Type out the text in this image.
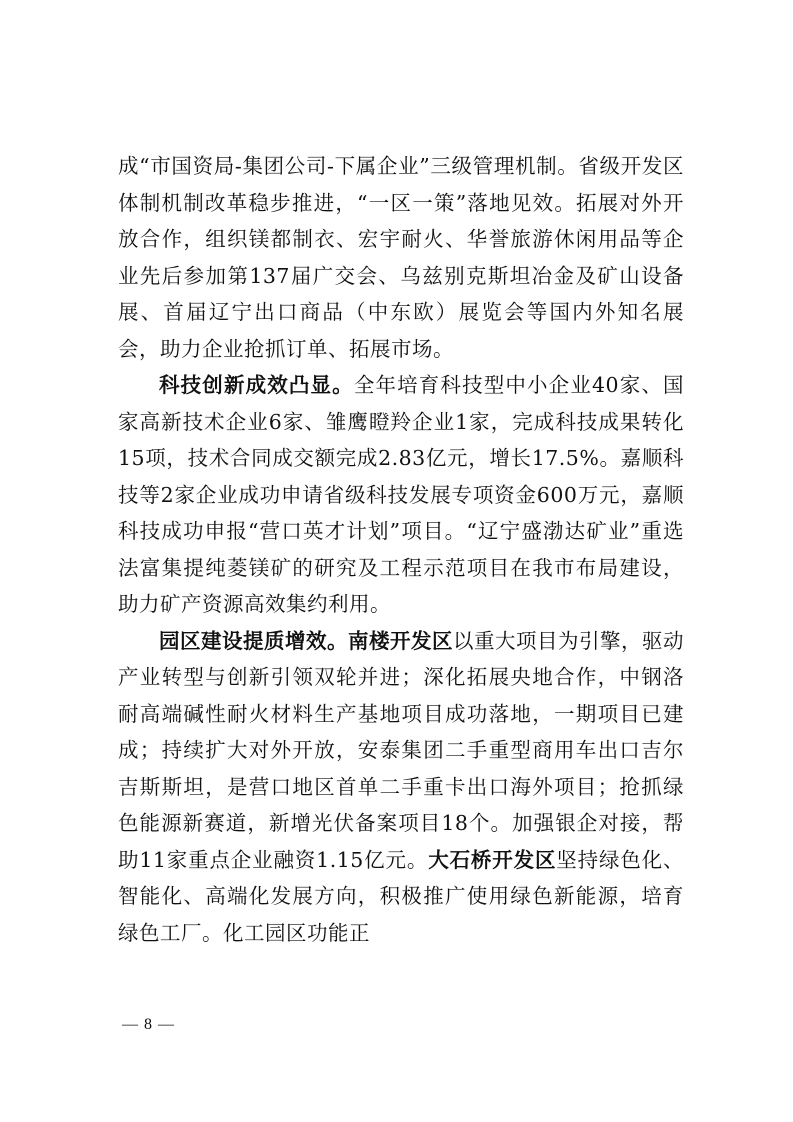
成“市国资局-集团公司-下属企业”三级管理机制。省级开发区体制机制改革稳步推进，“一区一策”落地见效。拓展对外开放合作，组织镁都制衣、宏宇耐火、华誉旅游休闲用品等企业先后参加第137届广交会、乌兹别克斯坦冶金及矿山设备展、首届辽宁出口商品（中东欧）展览会等国内外知名展会，助力企业抢抓订单、拓展市场。

科技创新成效凸显。全年培育科技型中小企业40家、国家高新技术企业6家、雏鹰瞪羚企业1家，完成科技成果转化15项，技术合同成交额完成2.83亿元，增长17.5%。嘉顺科技等2家企业成功申请省级科技发展专项资金600万元，嘉顺科技成功申报“营口英才计划”项目。“辽宁盛渤达矿业”重选法富集提纯菱镁矿的研究及工程示范项目在我市布局建设，助力矿产资源高效集约利用。

园区建设提质增效。南楼开发区以重大项目为引擎，驱动产业转型与创新引领双轮并进；深化拓展央地合作，中钢洛耐高端碱性耐火材料生产基地项目成功落地，一期项目已建成；持续扩大对外开放，安泰集团二手重型商用车出口吉尔吉斯斯坦，是营口地区首单二手重卡出口海外项目；抢抓绿色能源新赛道，新增光伏备案项目18个。加强银企对接，帮助11家重点企业融资1.15亿元。大石桥开发区坚持绿色化、智能化、高端化发展方向，积极推广使用绿色新能源，培育绿色工厂。化工园区功能正

— 8 —
